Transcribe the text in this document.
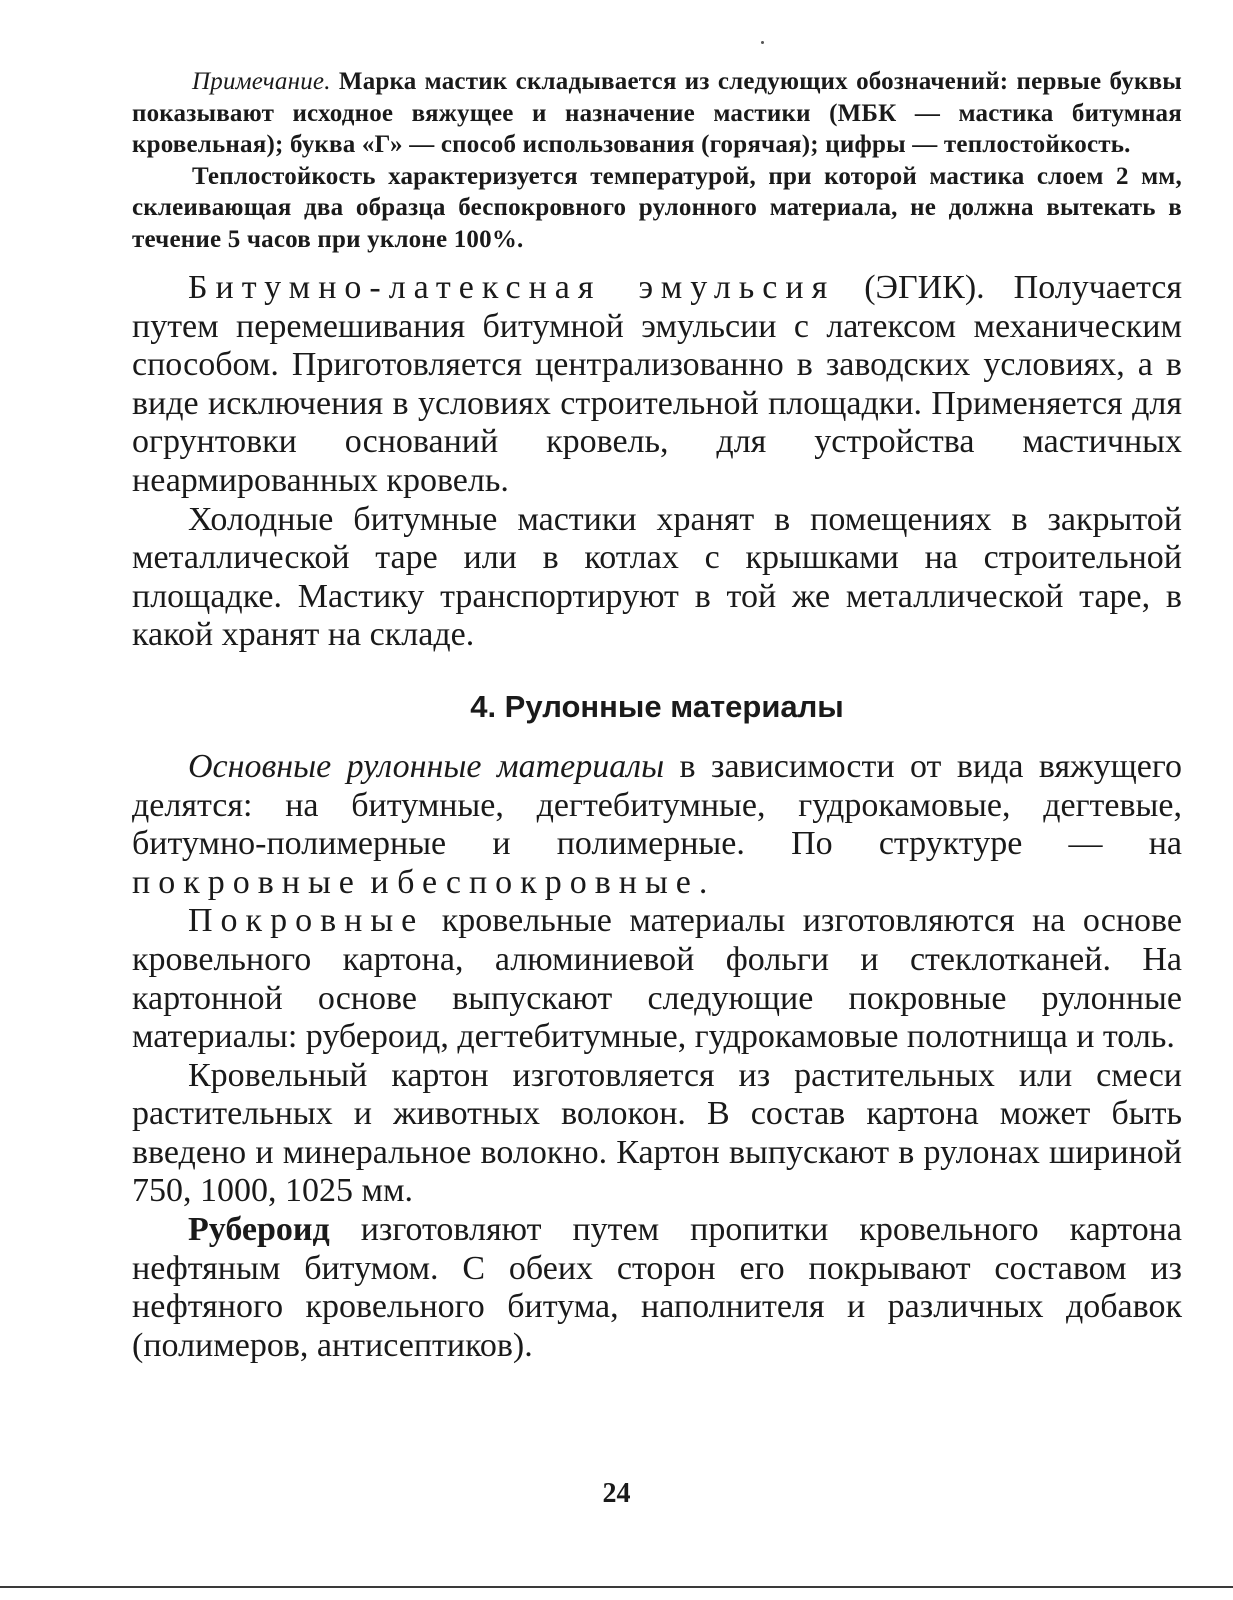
Примечание. Марка мастик складывается из следующих обозначений: первые буквы показывают исходное вяжущее и назначение мастики (МБК — мастика битумная кровельная); буква «Г» — способ использования (горячая); цифры — теплостойкость.

Теплостойкость характеризуется температурой, при которой мастика слоем 2 мм, склеивающая два образца беспокровного рулонного материала, не должна вытекать в течение 5 часов при уклоне 100%.

Битумно-латексная эмульсия (ЭГИК). Получается путем перемешивания битумной эмульсии с латексом механическим способом. Приготовляется централизованно в заводских условиях, а в виде исключения в условиях строительной площадки. Применяется для огрунтовки оснований кровель, для устройства мастичных неармированных кровель.

Холодные битумные мастики хранят в помещениях в закрытой металлической таре или в котлах с крышками на строительной площадке. Мастику транспортируют в той же металлической таре, в какой хранят на складе.

4. Рулонные материалы

Основные рулонные материалы в зависимости от вида вяжущего делятся: на битумные, дегтебитумные, гудрокамовые, дегтевые, битумно-полимерные и полимерные. По структуре — на покровные и беспокровные.

Покровные кровельные материалы изготовляются на основе кровельного картона, алюминиевой фольги и стеклотканей. На картонной основе выпускают следующие покровные рулонные материалы: рубероид, дегтебитумные, гудрокамовые полотнища и толь.

Кровельный картон изготовляется из растительных или смеси растительных и животных волокон. В состав картона может быть введено и минеральное волокно. Картон выпускают в рулонах шириной 750, 1000, 1025 мм.

Рубероид изготовляют путем пропитки кровельного картона нефтяным битумом. С обеих сторон его покрывают составом из нефтяного кровельного битума, наполнителя и различных добавок (полимеров, антисептиков).

24
